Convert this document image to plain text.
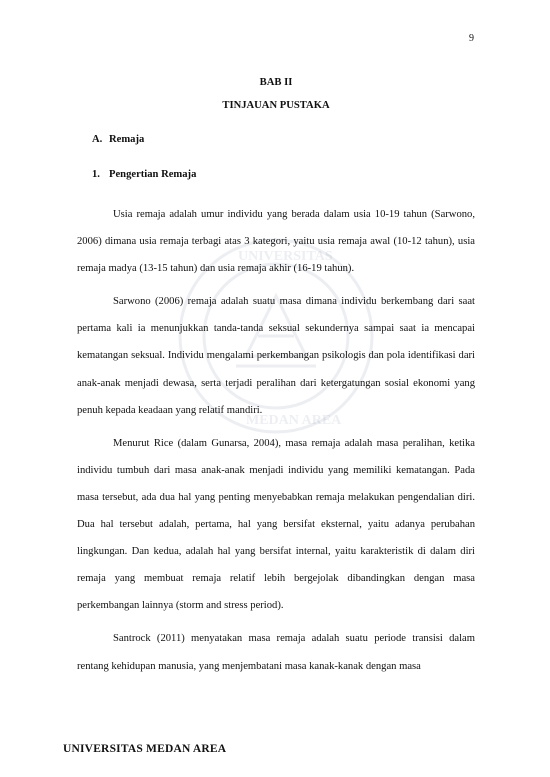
9
UNIVERSITAS
MEDAN AREA
BAB II
TINJAUAN PUSTAKA
A. Remaja
1. Pengertian Remaja

Usia remaja adalah umur individu yang berada dalam usia 10-19 tahun (Sarwono, 2006) dimana usia remaja terbagi atas 3 kategori, yaitu usia remaja awal (10-12 tahun), usia remaja madya (13-15 tahun) dan usia remaja akhir (16-19 tahun).

Sarwono (2006) remaja adalah suatu masa dimana individu berkembang dari saat pertama kali ia menunjukkan tanda-tanda seksual sekundernya sampai saat ia mencapai kematangan seksual. Individu mengalami perkembangan psikologis dan pola identifikasi dari anak-anak menjadi dewasa, serta terjadi peralihan dari ketergatungan sosial ekonomi yang penuh kepada keadaan yang relatif mandiri.

Menurut Rice (dalam Gunarsa, 2004), masa remaja adalah masa peralihan, ketika individu tumbuh dari masa anak-anak menjadi individu yang memiliki kematangan. Pada masa tersebut, ada dua hal yang penting menyebabkan remaja melakukan pengendalian diri. Dua hal tersebut adalah, pertama, hal yang bersifat eksternal, yaitu adanya perubahan lingkungan. Dan kedua, adalah hal yang bersifat internal, yaitu karakteristik di dalam diri remaja yang membuat remaja relatif lebih bergejolak dibandingkan dengan masa perkembangan lainnya (storm and stress period).

Santrock (2011) menyatakan masa remaja adalah suatu periode transisi dalam rentang kehidupan manusia, yang menjembatani masa kanak-kanak dengan masa

UNIVERSITAS MEDAN AREA
